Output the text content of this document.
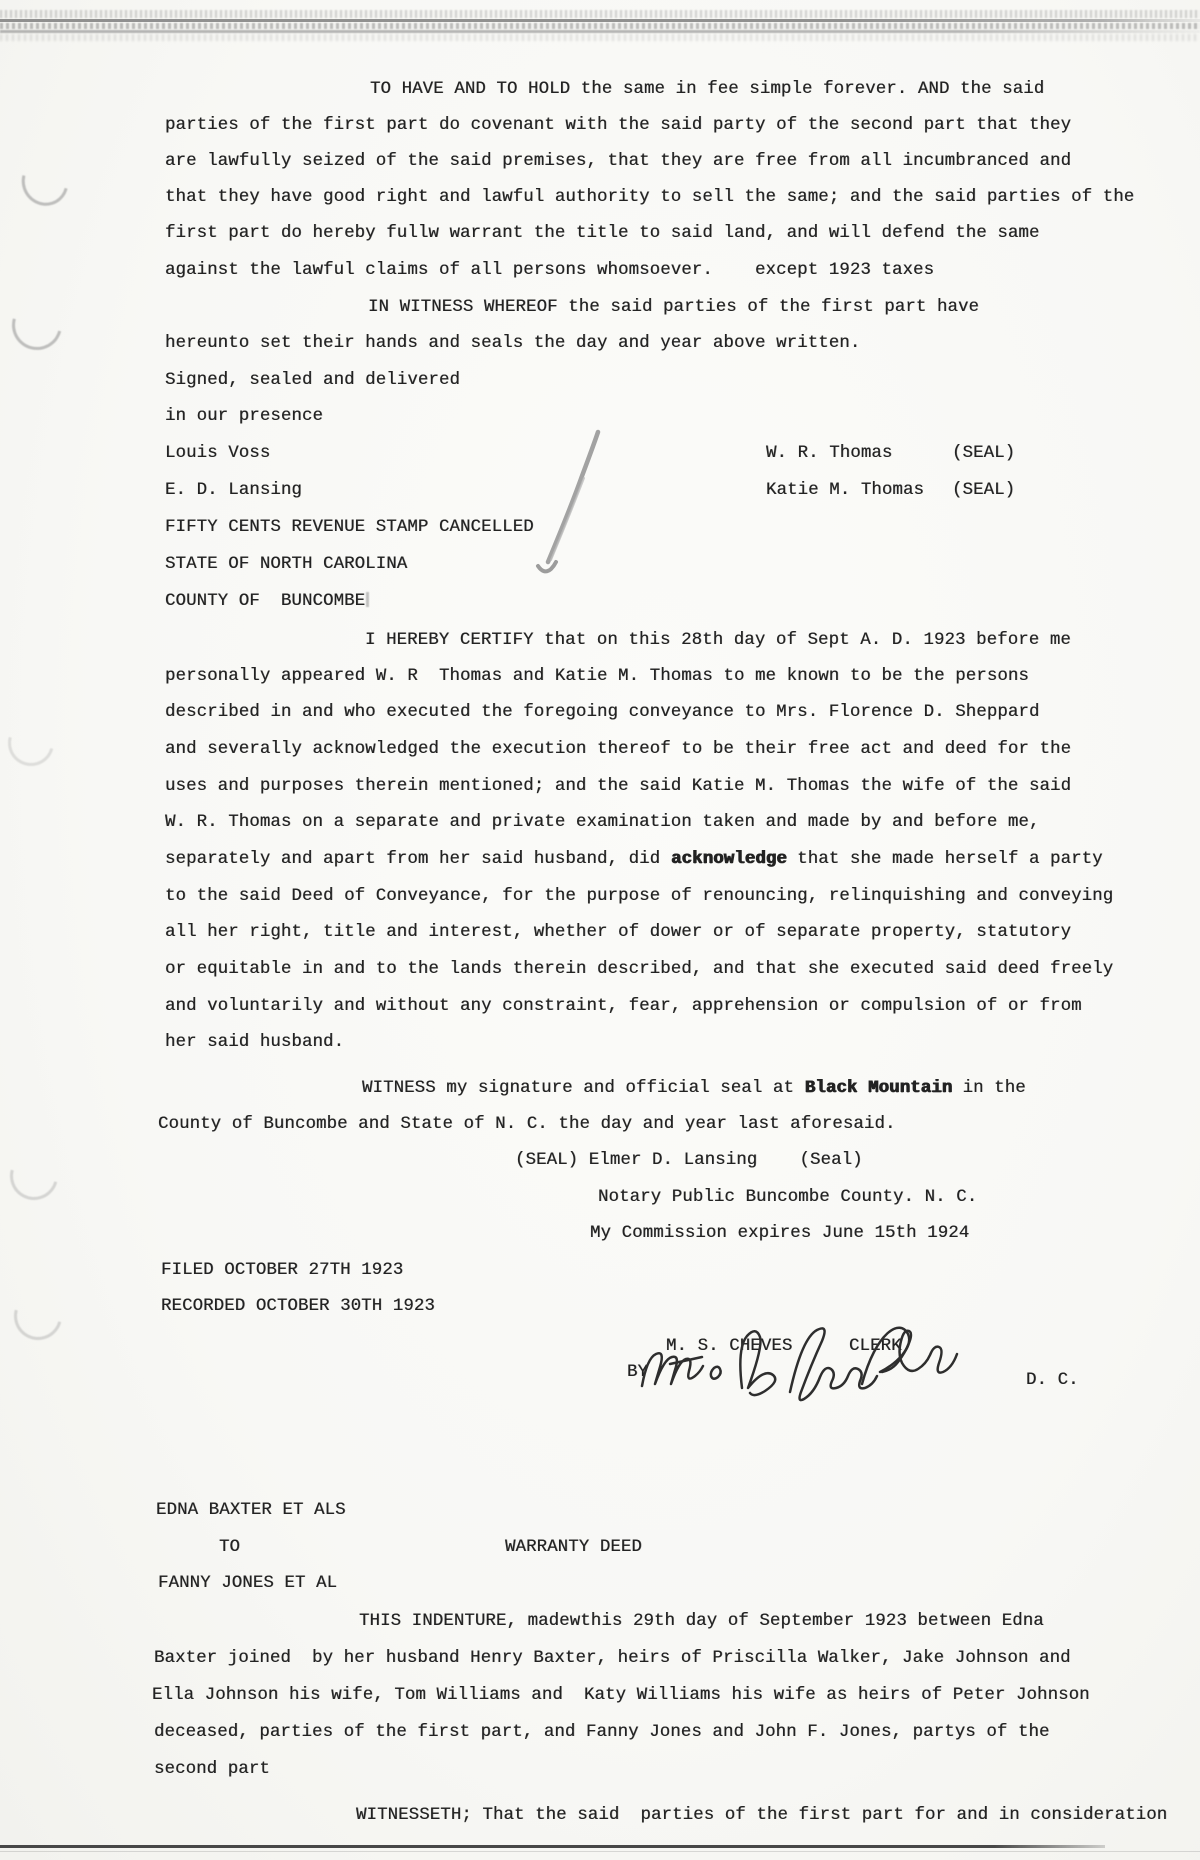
TO HAVE AND TO HOLD the same in fee simple forever. AND the said
parties of the first part do covenant with the said party of the second part that they
are lawfully seized of the said premises, that they are free from all incumbranced and
that they have good right and lawful authority to sell the same; and the said parties of the
first part do hereby fullw warrant the title to said land, and will defend the same
against the lawful claims of all persons whomsoever.    except 1923 taxes
IN WITNESS WHEREOF the said parties of the first part have
hereunto set their hands and seals the day and year above written.
Signed, sealed and delivered
in our presence
Louis Voss	W. R. Thomas	(SEAL)
E. D. Lansing	Katie M. Thomas (SEAL)
FIFTY CENTS REVENUE STAMP CANCELLED
STATE OF NORTH CAROLINA
COUNTY OF  BUNCOMBE
I HEREBY CERTIFY that on this 28th day of Sept A. D. 1923 before me
personally appeared W. R  Thomas and Katie M. Thomas to me known to be the persons
described in and who executed the foregoing conveyance to Mrs. Florence D. Sheppard
and severally acknowledged the execution thereof to be their free act and deed for the
uses and purposes therein mentioned; and the said Katie M. Thomas the wife of the said
W. R. Thomas on a separate and private examination taken and made by and before me,
separately and apart from her said husband, did acknowledge that she made herself a party
to the said Deed of Conveyance, for the purpose of renouncing, relinquishing and conveying
all her right, title and interest, whether of dower or of separate property, statutory
or equitable in and to the lands therein described, and that she executed said deed freely
and voluntarily and without any constraint, fear, apprehension or compulsion of or from
her said husband.
WITNESS my signature and official seal at Black Mountain in the
County of Buncombe and State of N. C. the day and year last aforesaid.
(SEAL) Elmer D. Lansing    (Seal)
Notary Public Buncombe County. N. C.
My Commission expires June 15th 1924
FILED OCTOBER 27TH 1923
RECORDED OCTOBER 30TH 1923
M. S. CHEVES	CLERK
BY	D. C.
EDNA BAXTER ET ALS
TO	WARRANTY DEED
FANNY JONES ET AL
THIS INDENTURE, madewthis 29th day of September 1923 between Edna
Baxter joined  by her husband Henry Baxter, heirs of Priscilla Walker, Jake Johnson and
Ella Johnson his wife, Tom Williams and  Katy Williams his wife as heirs of Peter Johnson
deceased, parties of the first part, and Fanny Jones and John F. Jones, partys of the
second part
WITNESSETH; That the said  parties of the first part for and in consideration
